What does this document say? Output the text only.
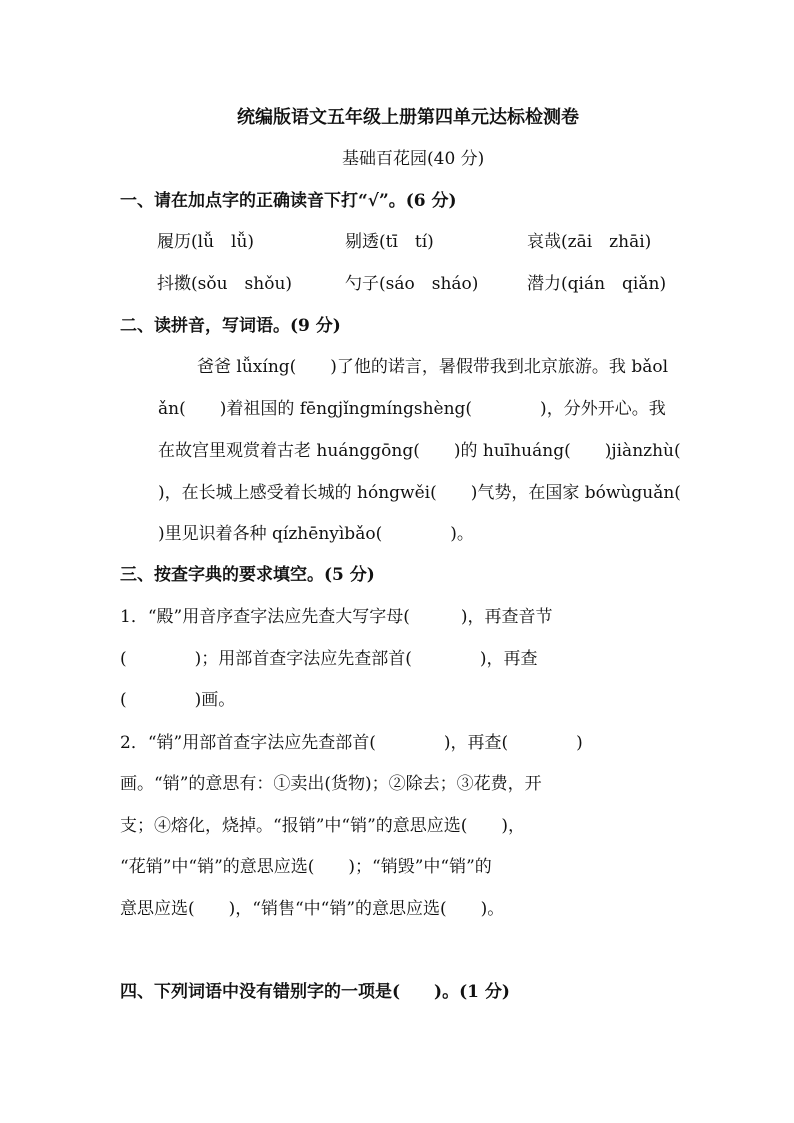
统编版语文五年级上册第四单元达标检测卷
基础百花园(40 分)
一、请在加点字的正确读音下打“√”。(6 分)
履历(lǚ　lǚ)	剔透(tī　tí)	哀哉(zāi　zhāi)
抖擞(sǒu　shǒu)	勺子(sáo　sháo)	潜力(qián　qiǎn)
二、读拼音，写词语。(9 分)
爸爸 lǚxíng(　　)了他的诺言，暑假带我到北京旅游。我 bǎol
ǎn(　　)着祖国的 fēngjǐngmíngshèng(　　　　)，分外开心。我
在故宫里观赏着古老 huánggōng(　　)的 huīhuáng(　　)jiànzhù(
)，在长城上感受着长城的 hóngwěi(　　)气势，在国家 bówùguǎn(
)里见识着各种 qízhēnyìbǎo(　　　　)。
三、按查字典的要求填空。(5 分)
1．“殿”用音序查字法应先查大写字母(　　　)，再查音节
(　　　　)；用部首查字法应先查部首(　　　　)，再查
(　　　　)画。
2．“销”用部首查字法应先查部首(　　　　)，再查(　　　　)
画。“销”的意思有：①卖出(货物)；②除去；③花费，开
支；④熔化，烧掉。“报销”中“销”的意思应选(　　)，
“花销”中“销”的意思应选(　　)；“销毁”中“销”的
意思应选(　　)，“销售“中“销”的意思应选(　　)。
四、下列词语中没有错别字的一项是(　　)。(1 分)
